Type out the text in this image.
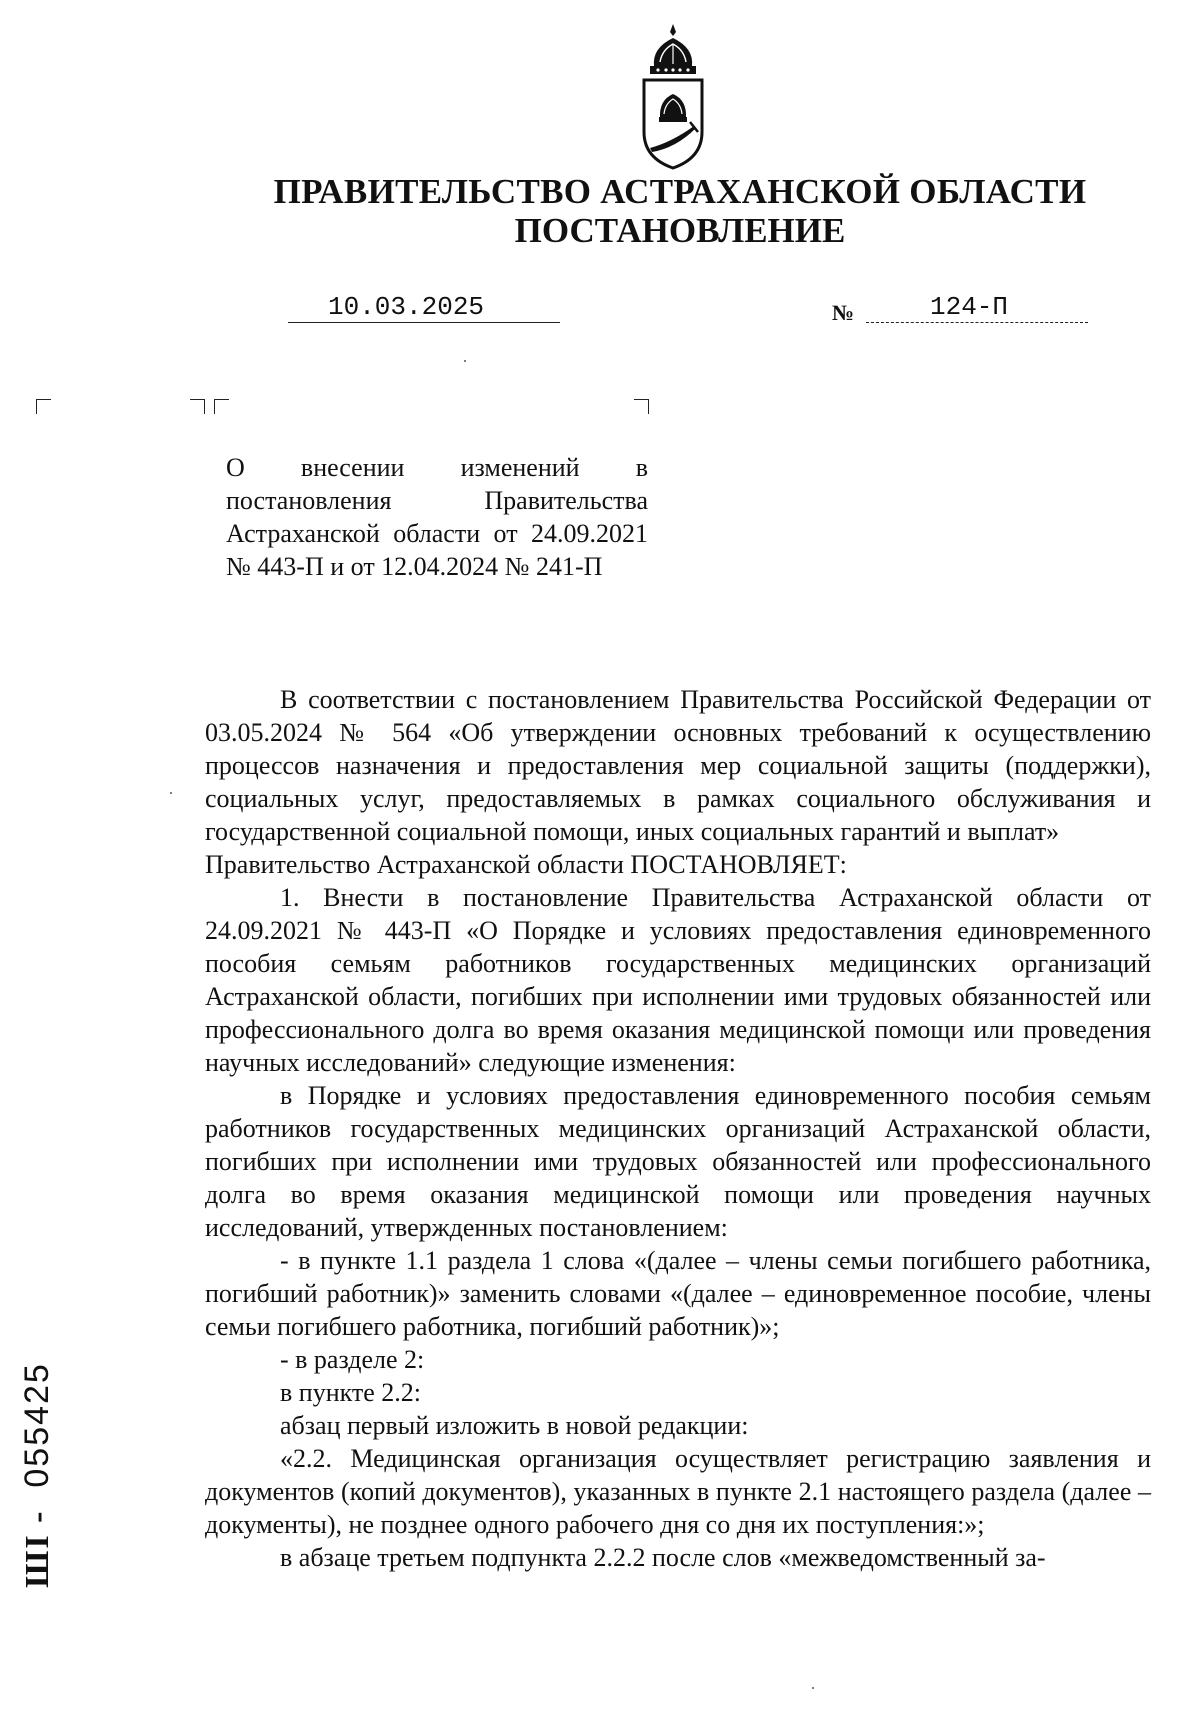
ПРАВИТЕЛЬСТВО АСТРАХАНСКОЙ ОБЛАСТИ
ПОСТАНОВЛЕНИЕ
10.03.2025	№	124-П
О внесении изменений в постановления Правительства Астраханской области от 24.09.2021 № 443-П и от 12.04.2024 № 241-П

В соответствии с постановлением Правительства Российской Федерации от 03.05.2024 № 564 «Об утверждении основных требований к осуществлению процессов назначения и предоставления мер социальной защиты (поддержки), социальных услуг, предоставляемых в рамках социального обслуживания и государственной социальной помощи, иных социальных гарантий и выплат»

Правительство Астраханской области ПОСТАНОВЛЯЕТ:

1. Внести в постановление Правительства Астраханской области от 24.09.2021 № 443-П «О Порядке и условиях предоставления единовременного пособия семьям работников государственных медицинских организаций Астраханской области, погибших при исполнении ими трудовых обязанностей или профессионального долга во время оказания медицинской помощи или проведения научных исследований» следующие изменения:

в Порядке и условиях предоставления единовременного пособия семьям работников государственных медицинских организаций Астраханской области, погибших при исполнении ими трудовых обязанностей или профессионального долга во время оказания медицинской помощи или проведения научных исследований, утвержденных постановлением:

- в пункте 1.1 раздела 1 слова «(далее – члены семьи погибшего работника, погибший работник)» заменить словами «(далее – единовременное пособие, члены семьи погибшего работника, погибший работник)»;

- в разделе 2:

в пункте 2.2:

абзац первый изложить в новой редакции:

«2.2. Медицинская организация осуществляет регистрацию заявления и документов (копий документов), указанных в пункте 2.1 настоящего раздела (далее – документы), не позднее одного рабочего дня со дня их поступления:»;

в абзаце третьем подпункта 2.2.2 после слов «межведомственный за-

ШI -055425
